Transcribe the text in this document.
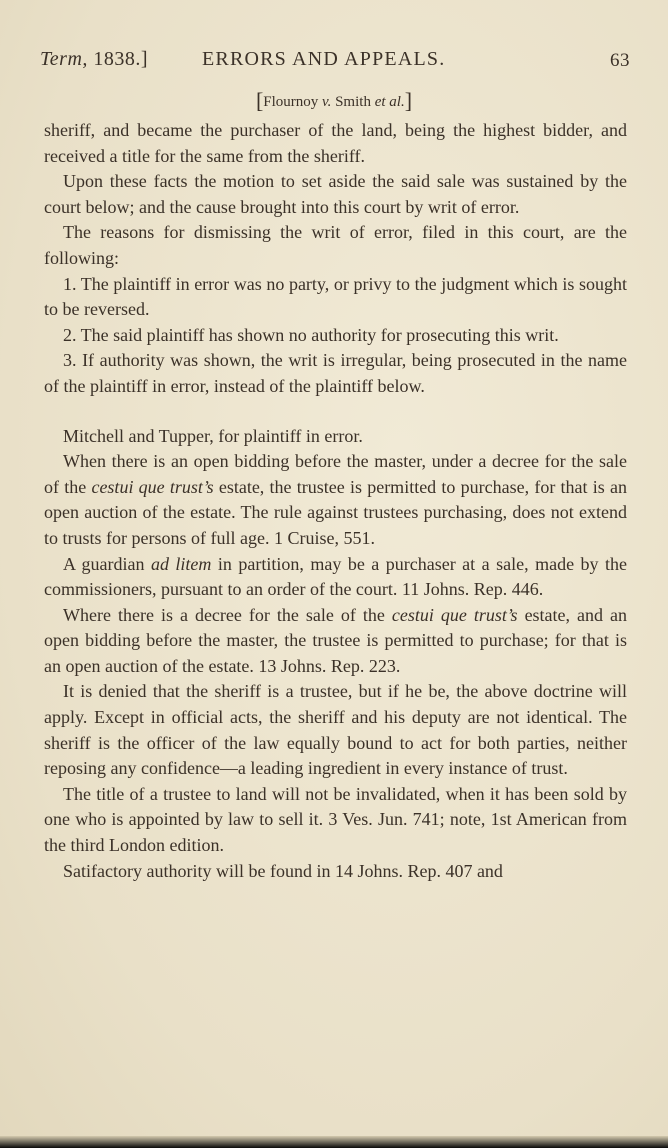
Term, 1838.]	ERRORS AND APPEALS.	63
[Flournoy v. Smith et al.]

sheriff, and became the purchaser of the land, being the highest bidder, and received a title for the same from the sheriff.

Upon these facts the motion to set aside the said sale was sustained by the court below; and the cause brought into this court by writ of error.

The reasons for dismissing the writ of error, filed in this court, are the following:

1. The plaintiff in error was no party, or privy to the judgment which is sought to be reversed.

2. The said plaintiff has shown no authority for prosecuting this writ.

3. If authority was shown, the writ is irregular, being prosecuted in the name of the plaintiff in error, instead of the plaintiff below.

Mitchell and Tupper, for plaintiff in error.

When there is an open bidding before the master, under a decree for the sale of the cestui que trust’s estate, the trustee is permitted to purchase, for that is an open auction of the estate. The rule against trustees purchasing, does not extend to trusts for persons of full age. 1 Cruise, 551.

A guardian ad litem in partition, may be a purchaser at a sale, made by the commissioners, pursuant to an order of the court. 11 Johns. Rep. 446.

Where there is a decree for the sale of the cestui que trust’s estate, and an open bidding before the master, the trustee is permitted to purchase; for that is an open auction of the estate. 13 Johns. Rep. 223.

It is denied that the sheriff is a trustee, but if he be, the above doctrine will apply. Except in official acts, the sheriff and his deputy are not identical. The sheriff is the officer of the law equally bound to act for both parties, neither reposing any confidence—a leading ingredient in every instance of trust.

The title of a trustee to land will not be invalidated, when it has been sold by one who is appointed by law to sell it. 3 Ves. Jun. 741; note, 1st American from the third London edition.

Satifactory authority will be found in 14 Johns. Rep. 407 and
